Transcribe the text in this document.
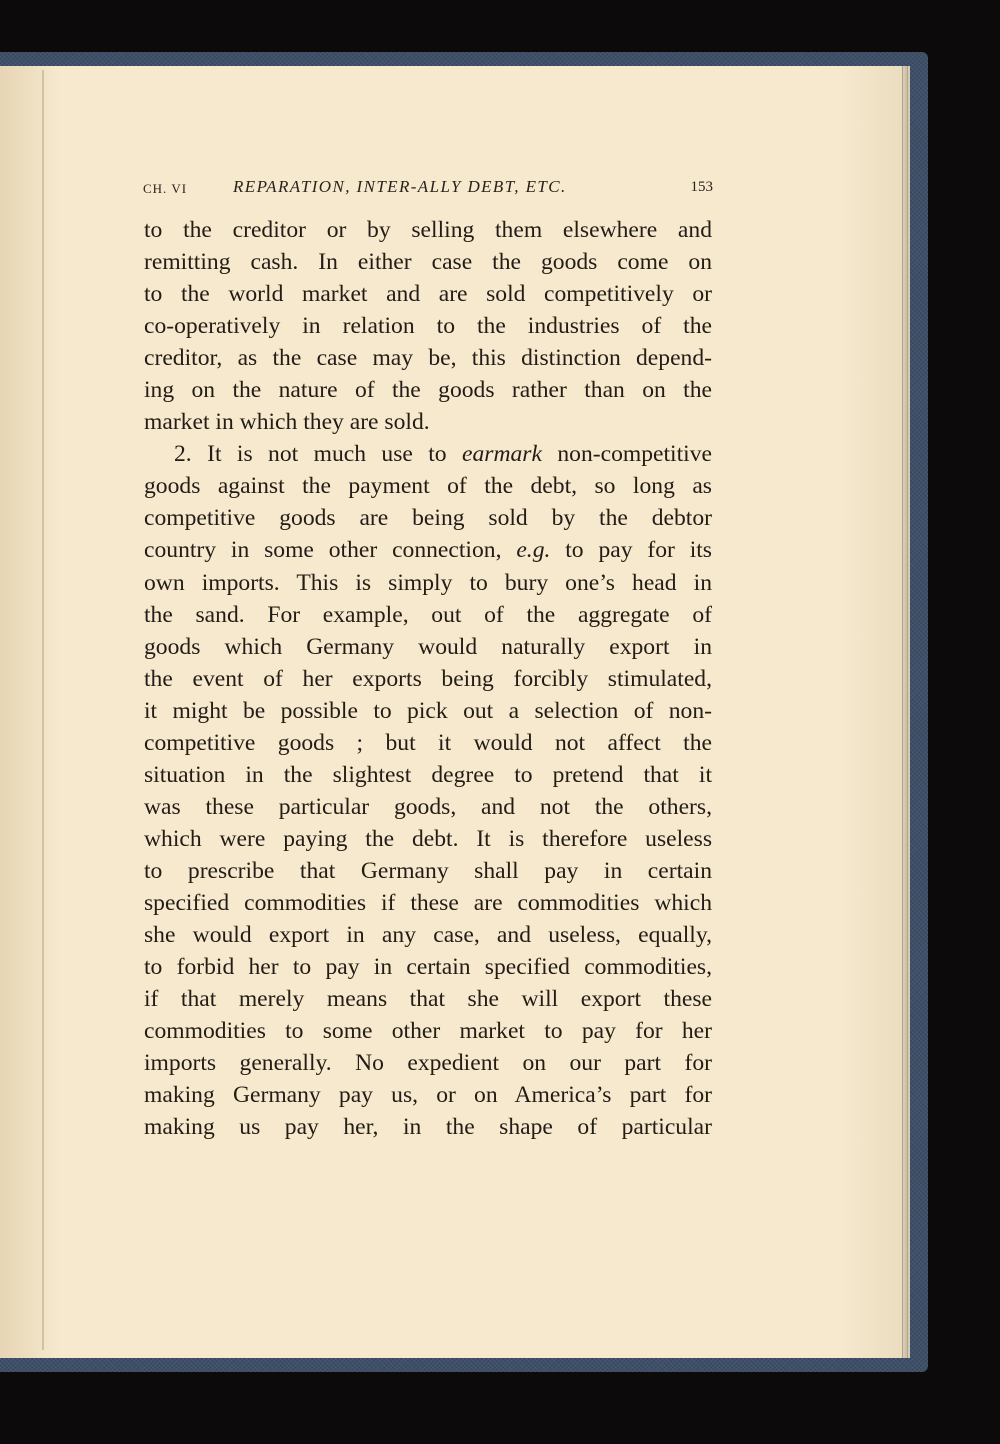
CH. VI	REPARATION, INTER-ALLY DEBT, ETC.	153
to the creditor or by selling them elsewhere and
remitting cash. In either case the goods come on
to the world market and are sold competitively or
co-operatively in relation to the industries of the
creditor, as the case may be, this distinction depend-
ing on the nature of the goods rather than on the
market in which they are sold.
2. It is not much use to earmark non-competitive
goods against the payment of the debt, so long as
competitive goods are being sold by the debtor
country in some other connection, e.g. to pay for its
own imports. This is simply to bury one’s head in
the sand. For example, out of the aggregate of
goods which Germany would naturally export in
the event of her exports being forcibly stimulated,
it might be possible to pick out a selection of non-
competitive goods ; but it would not affect the
situation in the slightest degree to pretend that it
was these particular goods, and not the others,
which were paying the debt. It is therefore useless
to prescribe that Germany shall pay in certain
specified commodities if these are commodities which
she would export in any case, and useless, equally,
to forbid her to pay in certain specified commodities,
if that merely means that she will export these
commodities to some other market to pay for her
imports generally. No expedient on our part for
making Germany pay us, or on America’s part for
making us pay her, in the shape of particular
